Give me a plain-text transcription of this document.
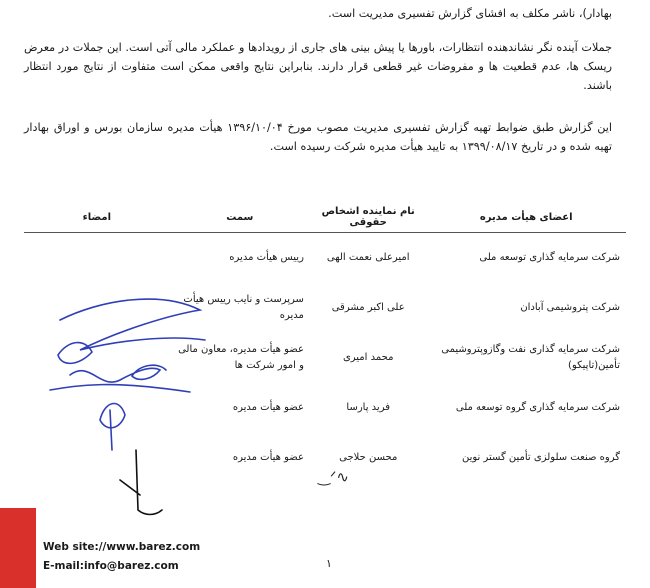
بهادار)، ناشر مکلف به افشای گزارش تفسیری مدیریت است.

جملات آینده نگر نشاندهنده انتظارات، باورها یا پیش بینی های جاری از رویدادها و عملکرد مالی آتی است. این جملات در معرض ریسک ها، عدم قطعیت ها و مفروضات غیر قطعی قرار دارند. بنابراین نتایج واقعی ممکن است متفاوت از نتایج مورد انتظار باشند.

این گزارش طبق ضوابط تهیه گزارش تفسیری مدیریت مصوب مورخ ۱۳۹۶/۱۰/۰۴ هیأت مدیره سازمان بورس و اوراق بهادار تهیه شده و در تاریخ ۱۳۹۹/۰۸/۱۷ به تایید هیأت مدیره شرکت رسیده است.

اعضای هیأت مدیره	نام نماینده اشخاص حقوقی	سمت	امضاء
شرکت سرمایه گذاری توسعه ملی	امیرعلی نعمت الهی	رییس هیأت مدیره	
شرکت پتروشیمی آبادان	علی اکبر مشرقی	سرپرست و نایب رییس هیأت مدیره	
شرکت سرمایه گذاری نفت وگازوپتروشیمی تأمین(تاپیکو)	محمد امیری	عضو هیأت مدیره، معاون مالی و امور شرکت ها	
شرکت سرمایه گذاری گروه توسعه ملی	فرید پارسا	عضو هیأت مدیره	
گروه صنعت سلولزی تأمین گستر نوین	محسن حلاجی	عضو هیأت مدیره	
‿ᐟ∿
Web site://www.barez.com
E-mail:info@barez.com	۱
